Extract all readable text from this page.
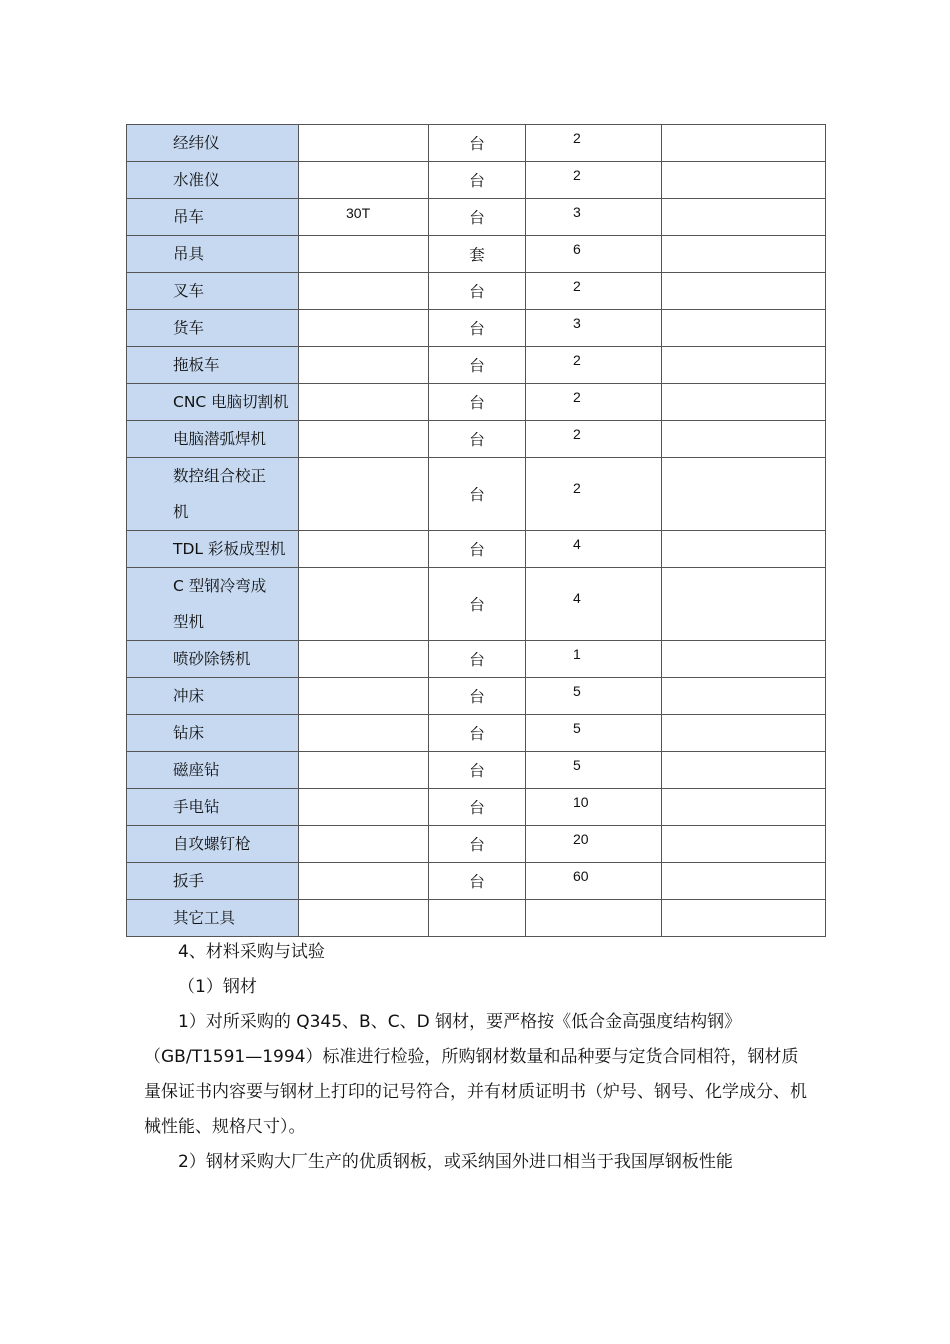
经纬仪		台	2	
水准仪		台	2	
吊车	30T	台	3	
吊具		套	6	
叉车		台	2	
货车		台	3	
拖板车		台	2	
CNC 电脑切割机		台	2	
电脑潜弧焊机		台	2	
数控组合校正机		台	2	
TDL 彩板成型机		台	4	
C 型钢冷弯成型机		台	4	
喷砂除锈机		台	1	
冲床		台	5	
钻床		台	5	
磁座钻		台	5	
手电钻		台	10	
自攻螺钉枪		台	20	
扳手		台	60	
其它工具				

4、材料采购与试验

（1）钢材

1）对所采购的 Q345、B、C、D 钢材，要严格按《低合金高强度结构钢》（GB/T1591—1994）标准进行检验，所购钢材数量和品种要与定货合同相符，钢材质量保证书内容要与钢材上打印的记号符合，并有材质证明书（炉号、钢号、化学成分、机械性能、规格尺寸）。

2）钢材采购大厂生产的优质钢板，或采纳国外进口相当于我国厚钢板性能
